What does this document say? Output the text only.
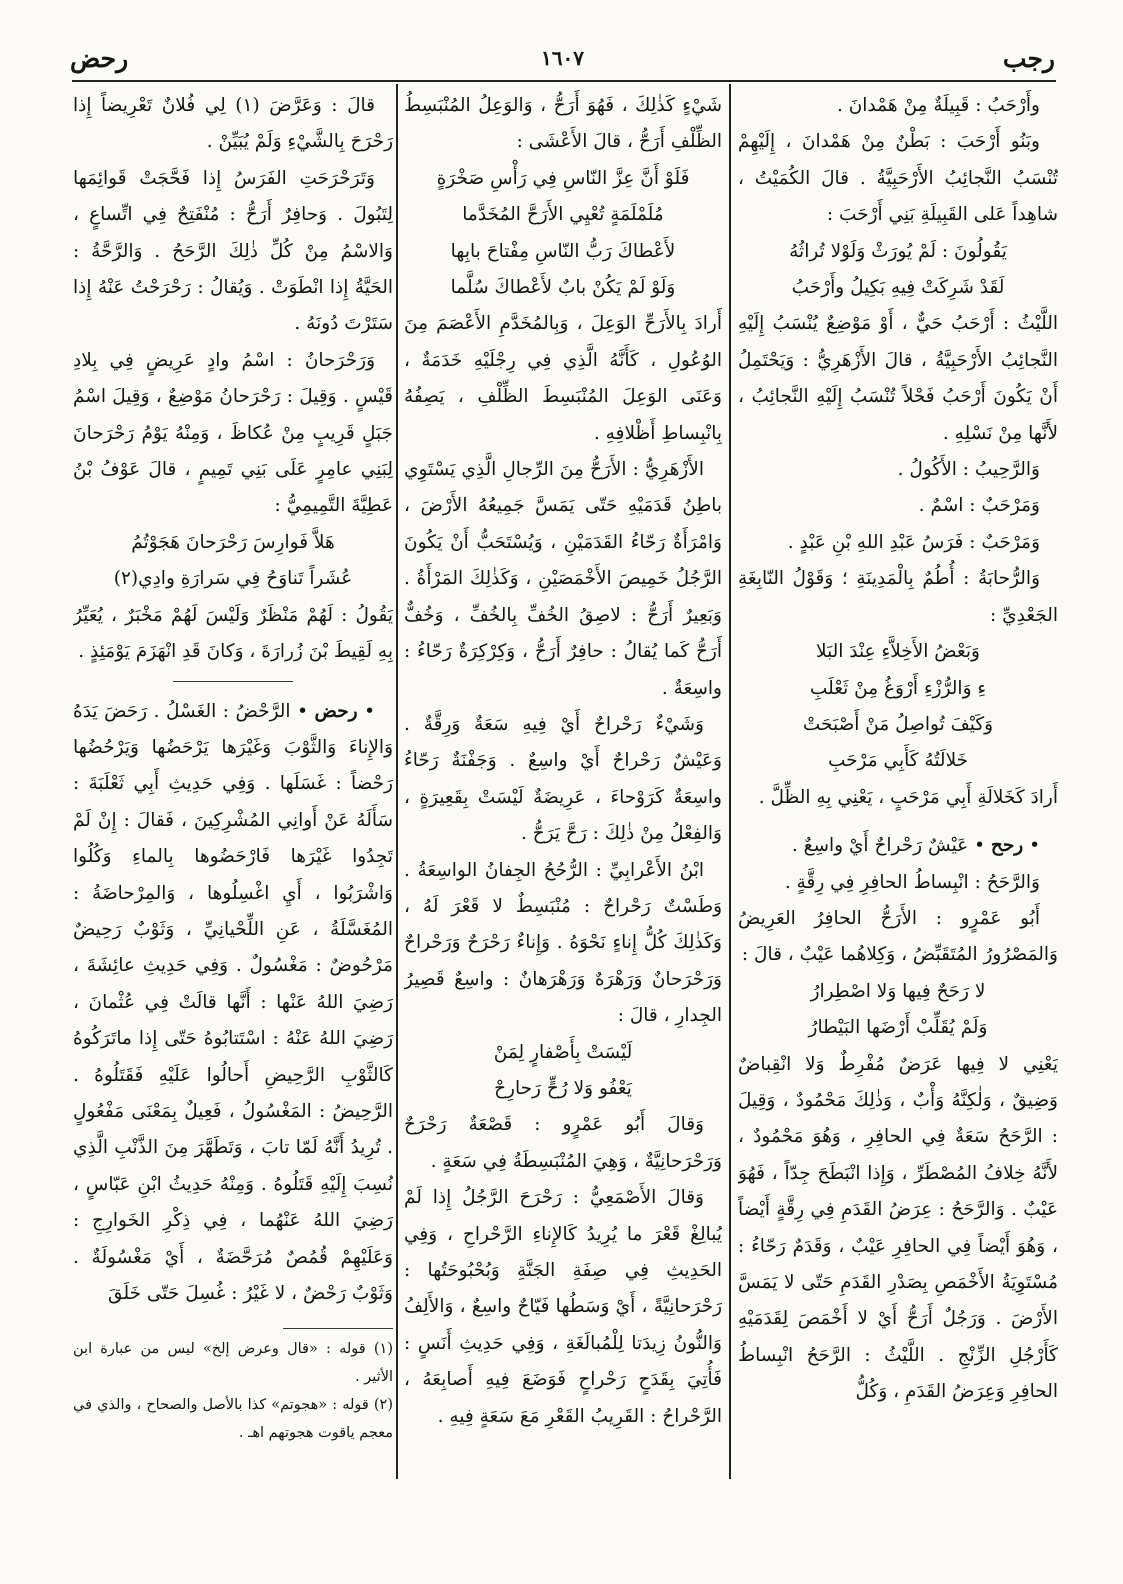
رجب
١٦٠٧
رحض

وأَرْحَبُ : قَبِيلَةٌ مِنْ هَمْدانَ .

وبَنُو أَرْحَبَ : بَطْنٌ مِنْ هَمْدانَ ، إِلَيْهِمْ تُنْسَبُ النَّجائِبُ الأَرْحَبِيَّةُ . قالَ الكُمَيْتُ ، شاهِداً عَلى القَبِيلَةِ بَنِي أَرْحَبَ :

يَقُولُونَ : لَمْ يُورَثْ وَلَوْلا تُراثُهُ

لَقَدْ شَرِكَتْ فِيهِ بَكِيلُ وأَرْحَبُ

اللَّيْثُ : أَرْحَبُ حَيٌّ ، أَوْ مَوْضِعٌ يُنْسَبُ إِلَيْهِ النَّجائِبُ الأَرْحَبِيَّةُ ، قالَ الأَزْهَرِيُّ : وَيَحْتَمِلُ أَنْ يَكُونَ أَرْحَبُ فَحْلاً تُنْسَبُ إِلَيْهِ النَّجائِبُ ، لأَنَّها مِنْ نَسْلِهِ .

وَالرَّحِيبُ : الأَكُولُ .

وَمَرْحَبٌ : اسْمٌ .

وَمَرْحَبٌ : فَرَسُ عَبْدِ اللهِ بْنِ عَبْدٍ .

وَالرُّحابَةُ : أُطُمٌ بِالْمَدِينَةِ ؛ وَقَوْلُ النّابِغَةِ الجَعْدِيِّ :

وَبَعْضُ الأَخِلاَّءِ عِنْدَ البَلا

ءِ وَالرُّزْءِ أَرْوَغُ مِنْ ثَعْلَبِ

وَكَيْفَ تُواصِلُ مَنْ أَصْبَحَتْ

خَلالَتُهُ كَأَبِي مَرْحَبِ

أَرادَ كَخَلالَةِ أَبِي مَرْحَبٍ ، يَعْنِي بِهِ الظِّلَّ .

• رحح • عَيْشٌ رَحْراحٌ أَيْ واسِعٌ .

وَالرَّحَحُ : انْبِساطُ الحافِرِ فِي رِقَّةٍ .

أَبُو عَمْرٍو : الأَرَحُّ الحافِرُ العَرِيضُ وَالمَصْرُورُ المُتَقَبِّضُ ، وَكِلاهُما عَيْبٌ ، قالَ :

لا رَحَحٌ فِيها وَلا اصْطِرارُ

وَلَمْ يُقَلِّبْ أَرْضَها البَيْطارُ

يَعْنِي لا فِيها عَرَضٌ مُفْرِطٌ وَلا انْقِباضٌ وَضِيقٌ ، وَلٰكِنَّهُ وَأْبٌ ، وَذٰلِكَ مَحْمُودٌ ، وَقِيلَ : الرَّحَحُ سَعَةٌ فِي الحافِرِ ، وَهُوَ مَحْمُودٌ ، لأَنَّهُ خِلافُ المُصْطَرِّ ، وَإِذا انْبَطَحَ جِدّاً ، فَهُوَ عَيْبٌ . وَالرَّحَحُ : عِرَضُ القَدَمِ فِي رِقَّةٍ أَيْضاً ، وَهُوَ أَيْضاً فِي الحافِرِ عَيْبٌ ، وَقَدَمٌ رَحّاءُ : مُسْتَوِيَةُ الأَخْمَصِ بِصَدْرِ القَدَمِ حَتّى لا يَمَسَّ الأَرْضَ . وَرَجُلٌ أَرَحُّ أَيْ لا أَخْمَصَ لِقَدَمَيْهِ كَأَرْجُلِ الزِّنْجِ . اللَّيْثُ : الرَّحَحُ انْبِساطُ الحافِرِ وَعِرَضُ القَدَمِ ، وَكُلُّ

شَيْءٍ كَذٰلِكَ ، فَهُوَ أَرَحُّ ، وَالوَعِلُ المُنْبَسِطُ الظِّلْفِ أَرَحُّ ، قالَ الأَعْشَى :

فَلَوْ أَنَّ عِزَّ النّاسِ فِي رَأْسِ صَخْرَةٍ

مُلَمْلَمَةٍ تُعْيِي الأَرَحَّ المُخَدَّما

لأَعْطاكَ رَبُّ النّاسِ مِفْتاحَ بابِها

وَلَوْ لَمْ يَكُنْ بابٌ لأَعْطاكَ سُلَّما

أَرادَ بِالأَرَحِّ الوَعِلَ ، وَبِالمُخَدَّمِ الأَعْصَمَ مِنَ الوُعُولِ ، كَأَنَّهُ الَّذِي فِي رِجْلَيْهِ خَدَمَةٌ ، وَعَنَى الوَعِلَ المُنْبَسِطَ الظِّلْفِ ، يَصِفُهُ بِانْبِساطِ أَظْلافِهِ .

الأَزْهَرِيُّ : الأَرَحُّ مِنَ الرِّجالِ الَّذِي يَسْتَوِي باطِنُ قَدَمَيْهِ حَتّى يَمَسَّ جَمِيعُهُ الأَرْضَ ، وَامْرَأَةٌ رَحّاءُ القَدَمَيْنِ ، وَيُسْتَحَبُّ أَنْ يَكُونَ الرَّجُلُ خَمِيصَ الأَخْمَصَيْنِ ، وَكَذٰلِكَ المَرْأَةُ . وَبَعِيرٌ أَرَحُّ : لاصِقُ الخُفِّ بِالخُفِّ ، وَخُفٌّ أَرَحُّ كَما يُقالُ : حافِرٌ أَرَحُّ ، وَكِرْكِرَةٌ رَحّاءُ : واسِعَةٌ .

وَشَيْءٌ رَحْراحٌ أَيْ فِيهِ سَعَةٌ وَرِقَّةٌ . وَعَيْشٌ رَحْراحٌ أَيْ واسِعٌ . وَجَفْنَةٌ رَحّاءُ واسِعَةٌ كَرَوْحاءَ ، عَرِيضَةٌ لَيْسَتْ بِقَعِيرَةٍ ، وَالفِعْلُ مِنْ ذٰلِكَ : رَحَّ يَرَحُّ .

ابْنُ الأَعْرابِيِّ : الرُّحُحُ الجِفانُ الواسِعَةُ . وَطَسْتٌ رَحْراحٌ : مُنْبَسِطٌ لا قَعْرَ لَهُ ، وَكَذٰلِكَ كُلُّ إِناءٍ نَحْوَهُ . وَإِناءٌ رَحْرَحٌ وَرَحْراحٌ وَرَحْرَحانٌ وَرَهْرَهٌ وَرَهْرَهانٌ : واسِعٌ قَصِيرُ الجِدارِ ، قالَ :

لَيْسَتْ بِأَصْفارٍ لِمَنْ

يَعْفُو وَلا رُحٍّ رَحارِحْ

وَقالَ أَبُو عَمْرٍو : قَصْعَةٌ رَحْرَحٌ وَرَحْرَحانِيَّةٌ ، وَهِيَ المُنْبَسِطَةُ فِي سَعَةٍ .

وَقالَ الأَصْمَعِيُّ : رَحْرَحَ الرَّجُلُ إِذا لَمْ يُبالِغْ قَعْرَ ما يُرِيدُ كَالإِناءِ الرَّحْراحِ ، وَفِي الحَدِيثِ فِي صِفَةِ الجَنَّةِ وَبُحْبُوحَتُها : رَحْرَحانِيَّةً ، أَيْ وَسَطُها فَيّاحٌ واسِعٌ ، وَالأَلِفُ وَالنُّونُ زِيدَتا لِلْمُبالَغَةِ ، وَفِي حَدِيثِ أَنَسٍ : فَأُتِيَ بِقَدَحٍ رَحْراحٍ فَوَضَعَ فِيهِ أَصابِعَهُ ، الرَّحْراحُ : القَرِيبُ القَعْرِ مَعَ سَعَةٍ فِيهِ .

قالَ : وَعَرَّضَ (١) لِي فُلانٌ تَعْرِيضاً إِذا رَحْرَحَ بِالشَّيْءِ وَلَمْ يُبَيِّنْ .

وَتَرَحْرَحَتِ الفَرَسُ إِذا فَحَّجَتْ قَوائِمَها لِتَبُولَ . وَحافِرٌ أَرَحُّ : مُنْفَتِحٌ فِي اتِّساعٍ ، وَالاسْمُ مِنْ كُلِّ ذٰلِكَ الرَّحَحُ . وَالرَّحَّةُ : الحَيَّةُ إِذا انْطَوَتْ . وَيُقالُ : رَحْرَحْتُ عَنْهُ إِذا سَتَرْتَ دُونَهُ .

وَرَحْرَحانُ : اسْمُ وادٍ عَرِيضٍ فِي بِلادِ قَيْسٍ . وَقِيلَ : رَحْرَحانُ مَوْضِعٌ ، وَقِيلَ اسْمُ جَبَلٍ قَرِيبٍ مِنْ عُكاظَ ، وَمِنْهُ يَوْمُ رَحْرَحانَ لِبَنِي عامِرٍ عَلَى بَنِي تَمِيمٍ ، قالَ عَوْفُ بْنُ عَطِيَّةَ التَّمِيمِيُّ :

هَلاَّ فَوارِسَ رَحْرَحانَ هَجَوْتُمُ

عُشَراً تَناوَحُ فِي سَرارَةِ وادِي(٢)

يَقُولُ : لَهُمْ مَنْظَرٌ وَلَيْسَ لَهُمْ مَخْبَرٌ ، يُعَيِّرُ بِهِ لَقِيطَ بْنَ زُرارَةَ ، وَكانَ قَدِ انْهَزَمَ يَوْمَئِذٍ .

• رحض • الرَّحْضُ : الغَسْلُ . رَحَضَ يَدَهُ وَالإِناءَ وَالثَّوْبَ وَغَيْرَها يَرْحَضُها وَيَرْحُضُها رَحْضاً : غَسَلَها . وَفِي حَدِيثِ أَبِي ثَعْلَبَةَ : سَأَلَهُ عَنْ أَوانِي المُشْرِكِينَ ، فَقالَ : إِنْ لَمْ تَجِدُوا غَيْرَها فَارْحَضُوها بِالماءِ وَكُلُوا وَاشْرَبُوا ، أَيِ اغْسِلُوها ، وَالمِرْحاضَةُ : المُغَسَّلَةُ ، عَنِ اللِّحْيانِيِّ ، وَثَوْبٌ رَحِيضٌ مَرْحُوضٌ : مَغْسُولٌ . وَفِي حَدِيثِ عائِشَةَ ، رَضِيَ اللهُ عَنْها : أَنَّها قالَتْ فِي عُثْمانَ ، رَضِيَ اللهُ عَنْهُ : اسْتَتابُوهُ حَتّى إِذا ماتَرَكُوهُ كَالثَّوْبِ الرَّحِيضِ أَحالُوا عَلَيْهِ فَقَتَلُوهُ . الرَّحِيضُ : المَغْسُولُ ، فَعِيلٌ بِمَعْنَى مَفْعُولٍ . تُرِيدُ أَنَّهُ لَمّا تابَ ، وَتَطَهَّرَ مِنَ الذَّنْبِ الَّذِي نُسِبَ إِلَيْهِ قَتَلُوهُ . وَمِنْهُ حَدِيثُ ابْنِ عَبّاسٍ ، رَضِيَ اللهُ عَنْهُما ، فِي ذِكْرِ الخَوارِجِ : وَعَلَيْهِمْ قُمُصٌ مُرَحَّضَةٌ ، أَيْ مَغْسُولَةٌ . وَثَوْبٌ رَحْضٌ ، لا غَيْرُ : غُسِلَ حَتّى خَلَقَ

(١) قوله : «قال وعرض إلخ» ليس من عبارة ابن الأثير .

(٢) قوله : «هجوتم» كذا بالأصل والصحاح ، والذي في معجم ياقوت هجوتهم اهـ .
